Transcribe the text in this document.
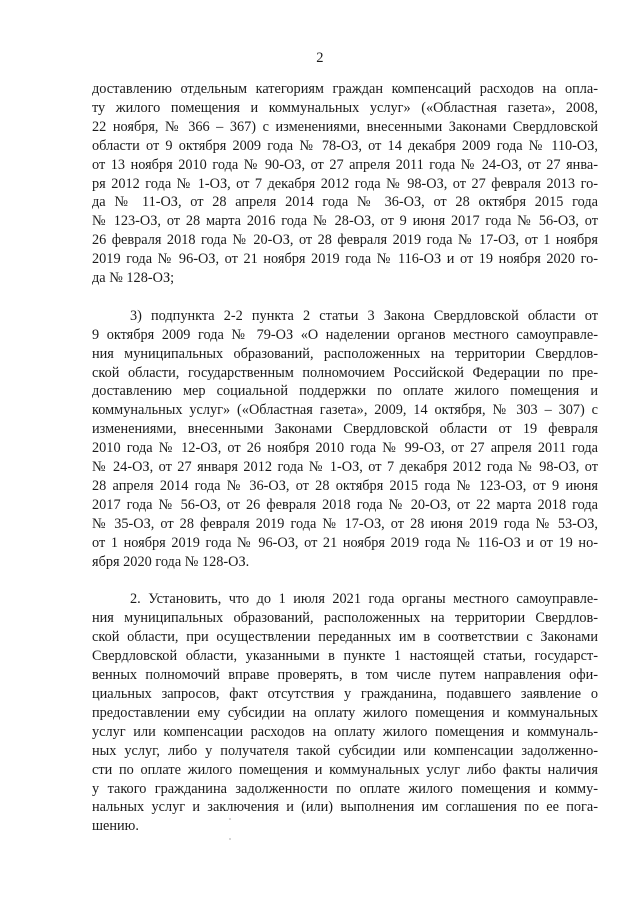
2

доставлению отдельным категориям граждан компенсаций расходов на опла-
ту жилого помещения и коммунальных услуг» («Областная газета», 2008,
22 ноября, № 366 – 367) с изменениями, внесенными Законами Свердловской
области от 9 октября 2009 года № 78-ОЗ, от 14 декабря 2009 года № 110-ОЗ,
от 13 ноября 2010 года № 90-ОЗ, от 27 апреля 2011 года № 24-ОЗ, от 27 янва-
ря 2012 года № 1-ОЗ, от 7 декабря 2012 года № 98-ОЗ, от 27 февраля 2013 го-
да № 11-ОЗ, от 28 апреля 2014 года № 36-ОЗ, от 28 октября 2015 года
№ 123-ОЗ, от 28 марта 2016 года № 28-ОЗ, от 9 июня 2017 года № 56-ОЗ, от
26 февраля 2018 года № 20-ОЗ, от 28 февраля 2019 года № 17-ОЗ, от 1 ноября
2019 года № 96-ОЗ, от 21 ноября 2019 года № 116-ОЗ и от 19 ноября 2020 го-
да № 128-ОЗ;

3) подпункта 2-2 пункта 2 статьи 3 Закона Свердловской области от
9 октября 2009 года № 79-ОЗ «О наделении органов местного самоуправле-
ния муниципальных образований, расположенных на территории Свердлов-
ской области, государственным полномочием Российской Федерации по пре-
доставлению мер социальной поддержки по оплате жилого помещения и
коммунальных услуг» («Областная газета», 2009, 14 октября, № 303 – 307) с
изменениями, внесенными Законами Свердловской области от 19 февраля
2010 года № 12-ОЗ, от 26 ноября 2010 года № 99-ОЗ, от 27 апреля 2011 года
№ 24-ОЗ, от 27 января 2012 года № 1-ОЗ, от 7 декабря 2012 года № 98-ОЗ, от
28 апреля 2014 года № 36-ОЗ, от 28 октября 2015 года № 123-ОЗ, от 9 июня
2017 года № 56-ОЗ, от 26 февраля 2018 года № 20-ОЗ, от 22 марта 2018 года
№ 35-ОЗ, от 28 февраля 2019 года № 17-ОЗ, от 28 июня 2019 года № 53-ОЗ,
от 1 ноября 2019 года № 96-ОЗ, от 21 ноября 2019 года № 116-ОЗ и от 19 но-
ября 2020 года № 128-ОЗ.

2. Установить, что до 1 июля 2021 года органы местного самоуправле-
ния муниципальных образований, расположенных на территории Свердлов-
ской области, при осуществлении переданных им в соответствии с Законами
Свердловской области, указанными в пункте 1 настоящей статьи, государст-
венных полномочий вправе проверять, в том числе путем направления офи-
циальных запросов, факт отсутствия у гражданина, подавшего заявление о
предоставлении ему субсидии на оплату жилого помещения и коммунальных
услуг или компенсации расходов на оплату жилого помещения и коммуналь-
ных услуг, либо у получателя такой субсидии или компенсации задолженно-
сти по оплате жилого помещения и коммунальных услуг либо факты наличия
у такого гражданина задолженности по оплате жилого помещения и комму-
нальных услуг и заключения и (или) выполнения им соглашения по ее пога-
шению.
